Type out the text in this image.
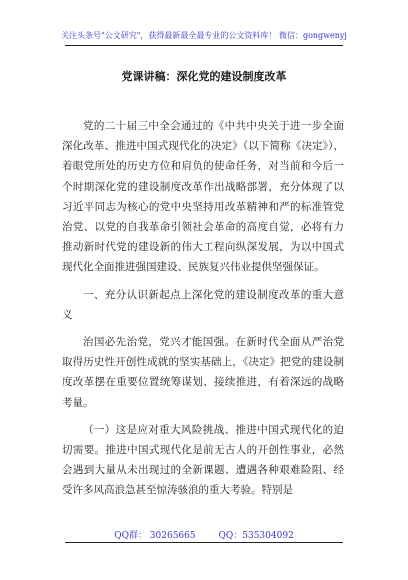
关注头条号"公文研究"，获得最新最全最专业的公文资料库！ 微信：gongwenyj
党课讲稿：深化党的建设制度改革

党的二十届三中全会通过的《中共中央关于进一步全面深化改革、推进中国式现代化的决定》（以下简称《决定》），着眼党所处的历史方位和肩负的使命任务，对当前和今后一个时期深化党的建设制度改革作出战略部署，充分体现了以习近平同志为核心的党中央坚持用改革精神和严的标准管党治党、以党的自我革命引领社会革命的高度自觉，必将有力推动新时代党的建设新的伟大工程向纵深发展，为以中国式现代化全面推进强国建设、民族复兴伟业提供坚强保证。

一、充分认识新起点上深化党的建设制度改革的重大意义

治国必先治党，党兴才能国强。在新时代全面从严治党取得历史性开创性成就的坚实基础上，《决定》把党的建设制度改革摆在重要位置统筹谋划、接续推进，有着深远的战略考量。

（一）这是应对重大风险挑战、推进中国式现代化的迫切需要。推进中国式现代化是前无古人的开创性事业，必然会遇到大量从未出现过的全新课题、遭遇各种艰难险阻、经受许多风高浪急甚至惊涛骇浪的重大考验。特别是

QQ群： 30265665	QQ：535304092
